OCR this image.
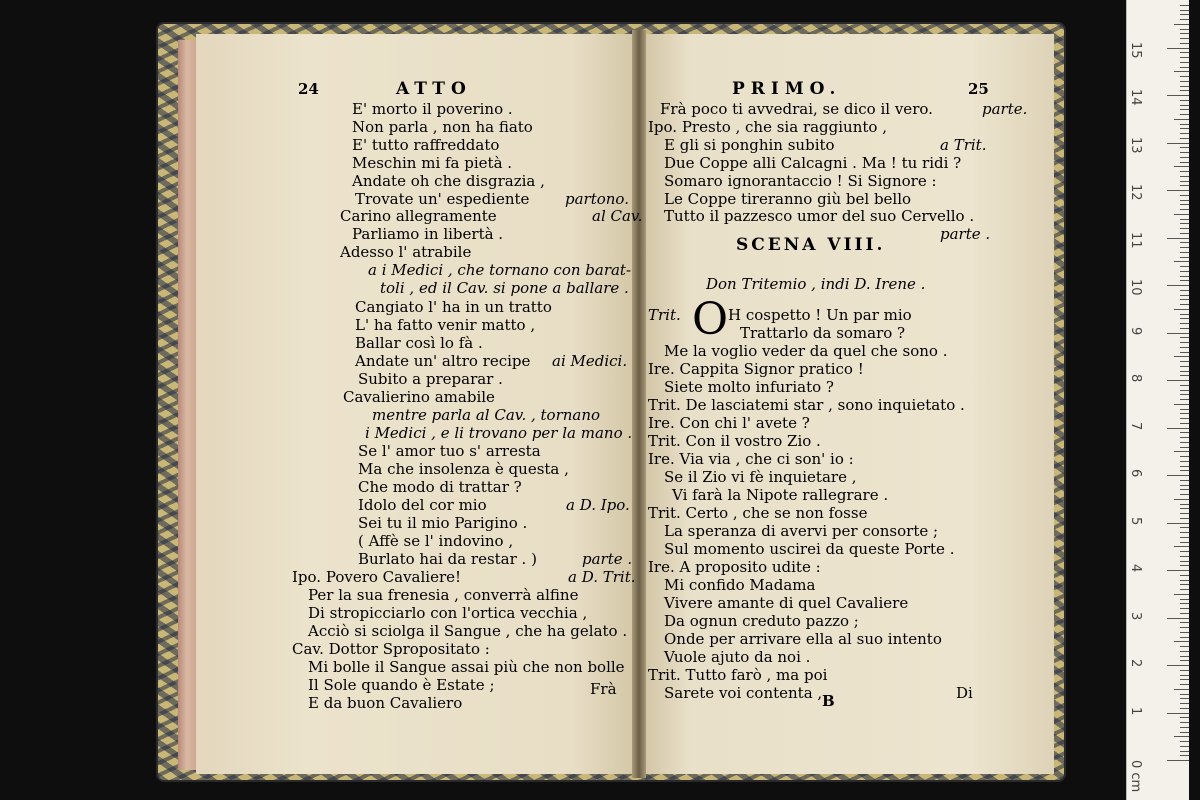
24	ATTO
Frà
PRIMO.	25
SCENA VIII.
O
B	Di
E' morto il poverino .
Non parla , non ha fiato
E' tutto raffreddato
Meschin mi fa pietà .
Andate oh che disgrazia ,
Trovate un' espediente
Carino allegramente
Parliamo in libertà .
Adesso l' atrabile
Cangiato l' ha in un tratto
L' ha fatto venir matto ,
Ballar così lo fà .
Andate un' altro recipe
Subito a preparar .
Cavalierino amabile
Se l' amor tuo s' arresta
Ma che insolenza è questa ,
Che modo di trattar ?
Idolo del cor mio
Sei tu il mio Parigino .
( Affè se l' indovino ,
Burlato hai da restar . )
Ipo. Povero Cavaliere!
Per la sua frenesia , converrà alfine
Di stropicciarlo con l'ortica vecchia ,
Acciò si sciolga il Sangue , che ha gelato .
Cav. Dottor Spropositato :
Mi bolle il Sangue assai più che non bolle
Il Sole quando è Estate ;
E da buon Cavaliero
partono.
al Cav.
a i Medici , che tornano con barat-
toli , ed il Cav. si pone a ballare .
ai Medici.
mentre parla al Cav. , tornano
i Medici , e li trovano per la mano .
a D. Ipo.
parte .
a D. Trit.
Frà poco ti avvedrai, se dico il vero.
Ipo. Presto , che sia raggiunto ,
E gli si ponghin subito
Due Coppe alli Calcagni . Ma ! tu ridi ?
Somaro ignorantaccio ! Si Signore :
Le Coppe tireranno giù bel bello
Tutto il pazzesco umor del suo Cervello .
H cospetto ! Un par mio
Trattarlo da somaro ?
Me la voglio veder da quel che sono .
Ire. Cappita Signor pratico !
Siete molto infuriato ?
Trit. De lasciatemi star , sono inquietato .
Ire. Con chi l' avete ?
Trit. Con il vostro Zio .
Ire. Via via , che ci son' io :
Se il Zio vi fè inquietare ,
Vi farà la Nipote rallegrare .
Trit. Certo , che se non fosse
La speranza di avervi per consorte ;
Sul momento uscirei da queste Porte .
Ire. A proposito udite :
Mi confido Madama
Vivere amante di quel Cavaliere
Da ognun creduto pazzo ;
Onde per arrivare ella al suo intento
Vuole ajuto da noi .
Trit. Tutto farò , ma poi
Sarete voi contenta ,
parte.
a Trit.
parte .
Don Tritemio , indi D. Irene .
Trit.
0 cm
1
2
3
4
5
6
7
8
9
10
11
12
13
14
15
